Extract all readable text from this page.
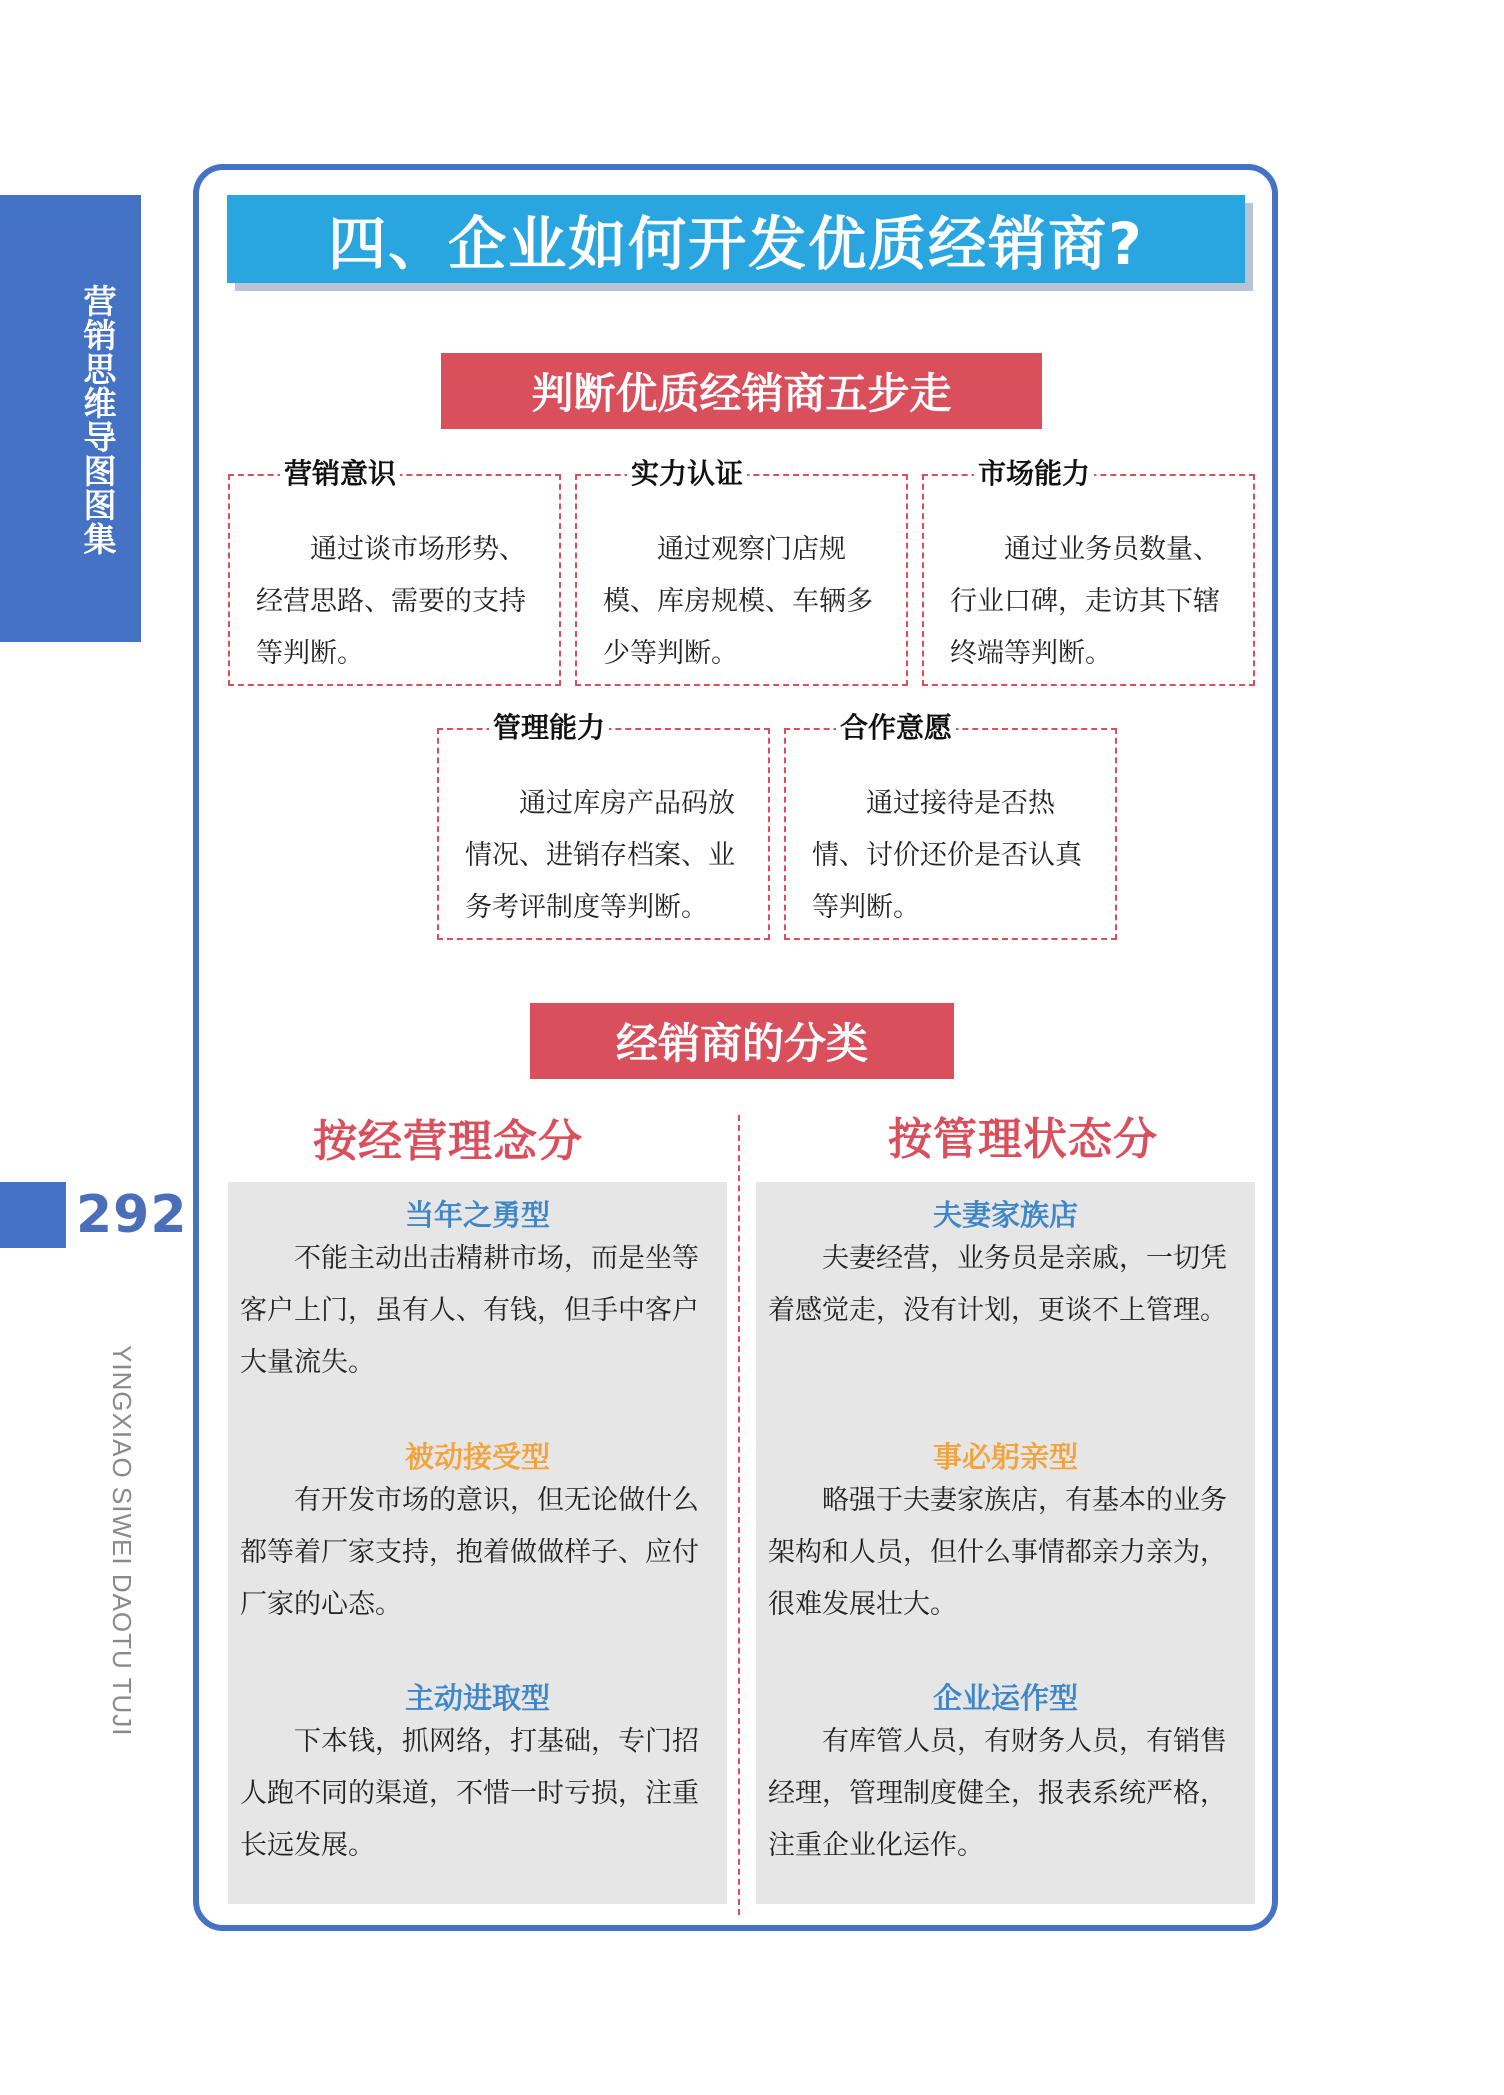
营销思维导图图集
292
YINGXIAO SIWEI DAOTU TUJI
四、企业如何开发优质经销商?
判断优质经销商五步走
营销意识
通过谈市场形势、经营思路、需要的支持等判断。
实力认证
通过观察门店规模、库房规模、车辆多少等判断。
市场能力
通过业务员数量、行业口碑，走访其下辖终端等判断。
管理能力
通过库房产品码放情况、进销存档案、业务考评制度等判断。
合作意愿
通过接待是否热情、讨价还价是否认真等判断。
经销商的分类
按经营理念分	按管理状态分
当年之勇型
不能主动出击精耕市场，而是坐等客户上门，虽有人、有钱，但手中客户大量流失。
被动接受型
有开发市场的意识，但无论做什么都等着厂家支持，抱着做做样子、应付厂家的心态。
主动进取型
下本钱，抓网络，打基础，专门招人跑不同的渠道，不惜一时亏损，注重长远发展。
夫妻家族店
夫妻经营，业务员是亲戚，一切凭着感觉走，没有计划，更谈不上管理。
事必躬亲型
略强于夫妻家族店，有基本的业务架构和人员，但什么事情都亲力亲为，很难发展壮大。
企业运作型
有库管人员，有财务人员，有销售经理，管理制度健全，报表系统严格，注重企业化运作。
